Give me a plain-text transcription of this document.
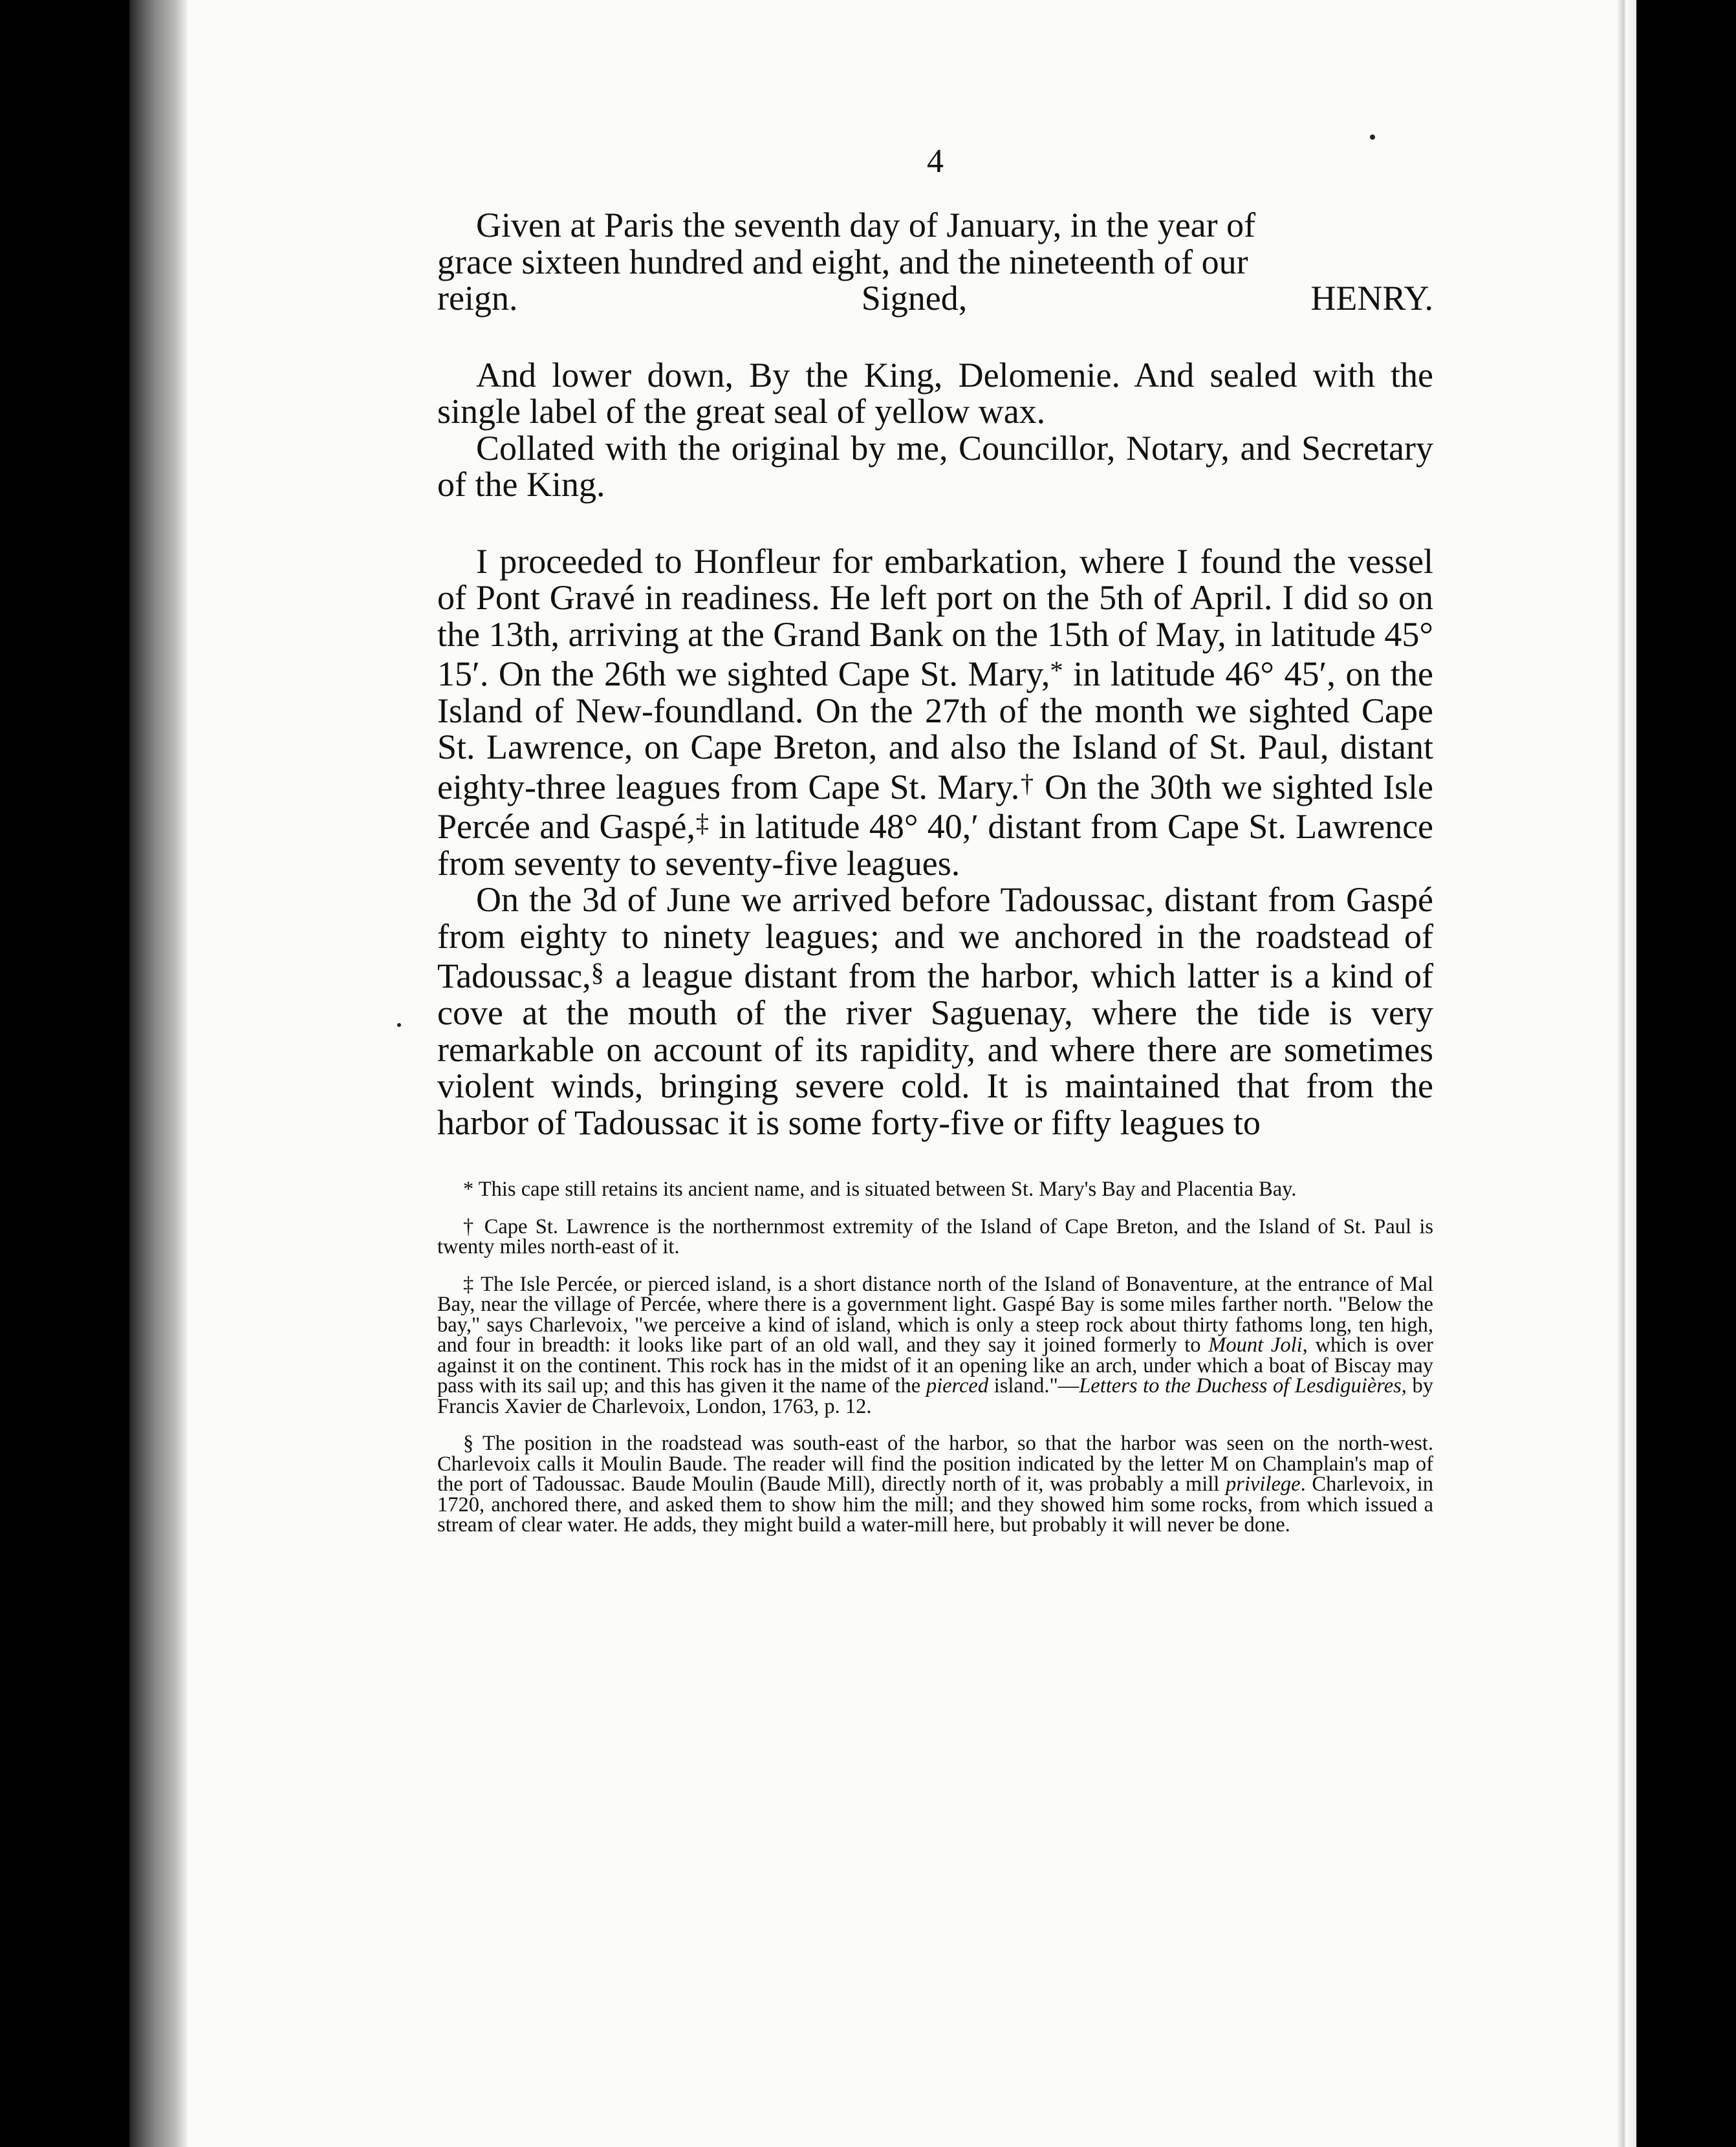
4

Given at Paris the seventh day of January, in the year of

grace sixteen hundred and eight, and the nineteenth of our

reign.	Signed,	HENRY.

And lower down, By the King, Delomenie. And sealed with the single label of the great seal of yellow wax.

Collated with the original by me, Councillor, Notary, and Secretary of the King.

I proceeded to Honfleur for embarkation, where I found the vessel of Pont Gravé in readiness. He left port on the 5th of April. I did so on the 13th, arriving at the Grand Bank on the 15th of May, in latitude 45° 15′. On the 26th we sighted Cape St. Mary,* in latitude 46° 45′, on the Island of New-foundland. On the 27th of the month we sighted Cape St. Lawrence, on Cape Breton, and also the Island of St. Paul, distant eighty-three leagues from Cape St. Mary.† On the 30th we sighted Isle Percée and Gaspé,‡ in latitude 48° 40,′ distant from Cape St. Lawrence from seventy to seventy-five leagues.

On the 3d of June we arrived before Tadoussac, distant from Gaspé from eighty to ninety leagues; and we anchored in the roadstead of Tadoussac,§ a league distant from the harbor, which latter is a kind of cove at the mouth of the river Saguenay, where the tide is very remarkable on account of its rapidity, and where there are sometimes violent winds, bringing severe cold. It is maintained that from the harbor of Tadoussac it is some forty-five or fifty leagues to

* This cape still retains its ancient name, and is situated between St. Mary's Bay and Placentia Bay.

† Cape St. Lawrence is the northernmost extremity of the Island of Cape Breton, and the Island of St. Paul is twenty miles north-east of it.

‡ The Isle Percée, or pierced island, is a short distance north of the Island of Bonaventure, at the entrance of Mal Bay, near the village of Percée, where there is a government light. Gaspé Bay is some miles farther north. "Below the bay," says Charlevoix, "we perceive a kind of island, which is only a steep rock about thirty fathoms long, ten high, and four in breadth: it looks like part of an old wall, and they say it joined formerly to Mount Joli, which is over against it on the continent. This rock has in the midst of it an opening like an arch, under which a boat of Biscay may pass with its sail up; and this has given it the name of the pierced island."—Letters to the Duchess of Lesdiguières, by Francis Xavier de Charlevoix, London, 1763, p. 12.

§ The position in the roadstead was south-east of the harbor, so that the harbor was seen on the north-west. Charlevoix calls it Moulin Baude. The reader will find the position indicated by the letter M on Champlain's map of the port of Tadoussac. Baude Moulin (Baude Mill), directly north of it, was probably a mill privilege. Charlevoix, in 1720, anchored there, and asked them to show him the mill; and they showed him some rocks, from which issued a stream of clear water. He adds, they might build a water-mill here, but probably it will never be done.
